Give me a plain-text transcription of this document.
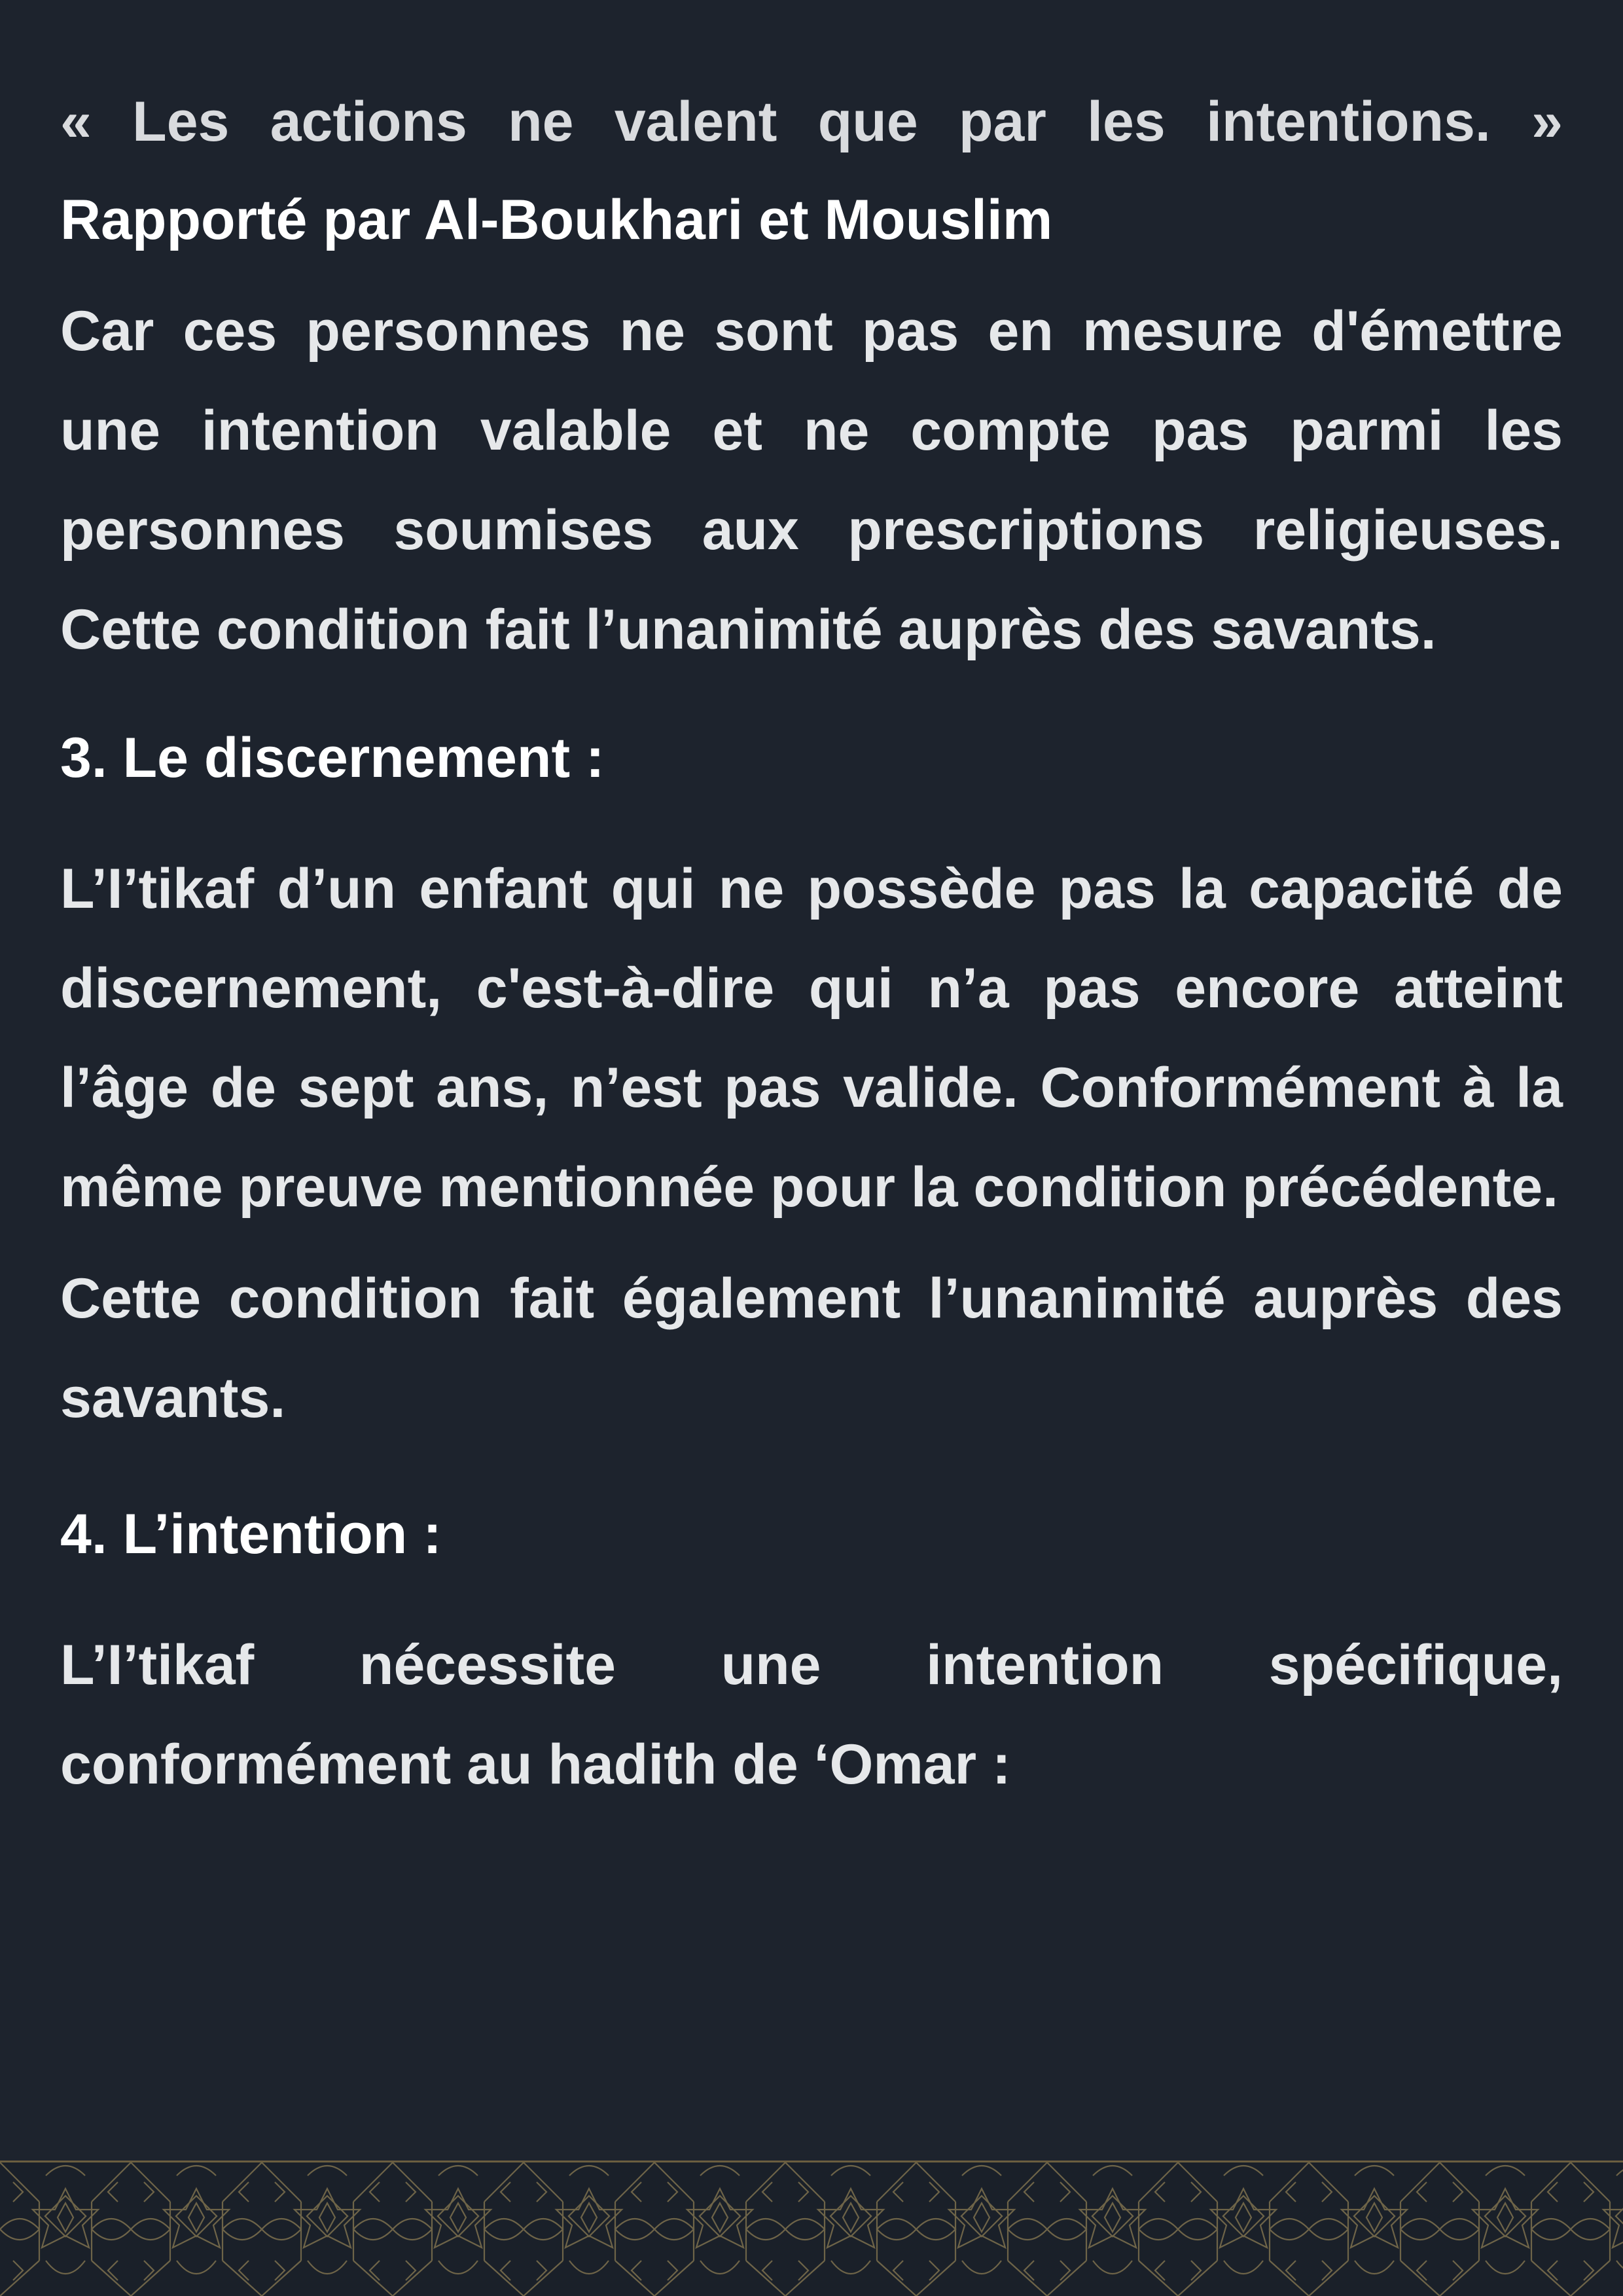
« Les actions ne valent que par les intentions. »

Rapporté par Al-Boukhari et Mouslim

Car ces personnes ne sont pas en mesure d'émettre une intention valable et ne compte pas parmi les personnes soumises aux prescriptions religieuses. Cette condition fait l’unanimité auprès des savants.

3. Le discernement :

L’I’tikaf d’un enfant qui ne possède pas la capacité de discernement, c'est-à-dire qui n’a pas encore atteint l’âge de sept ans, n’est pas valide. Conformément à la même preuve mentionnée pour la condition précédente.

Cette condition fait également l’unanimité auprès des savants.

4. L’intention :

L’I’tikaf nécessite une intention spécifique, conformément au hadith de ‘Omar :
